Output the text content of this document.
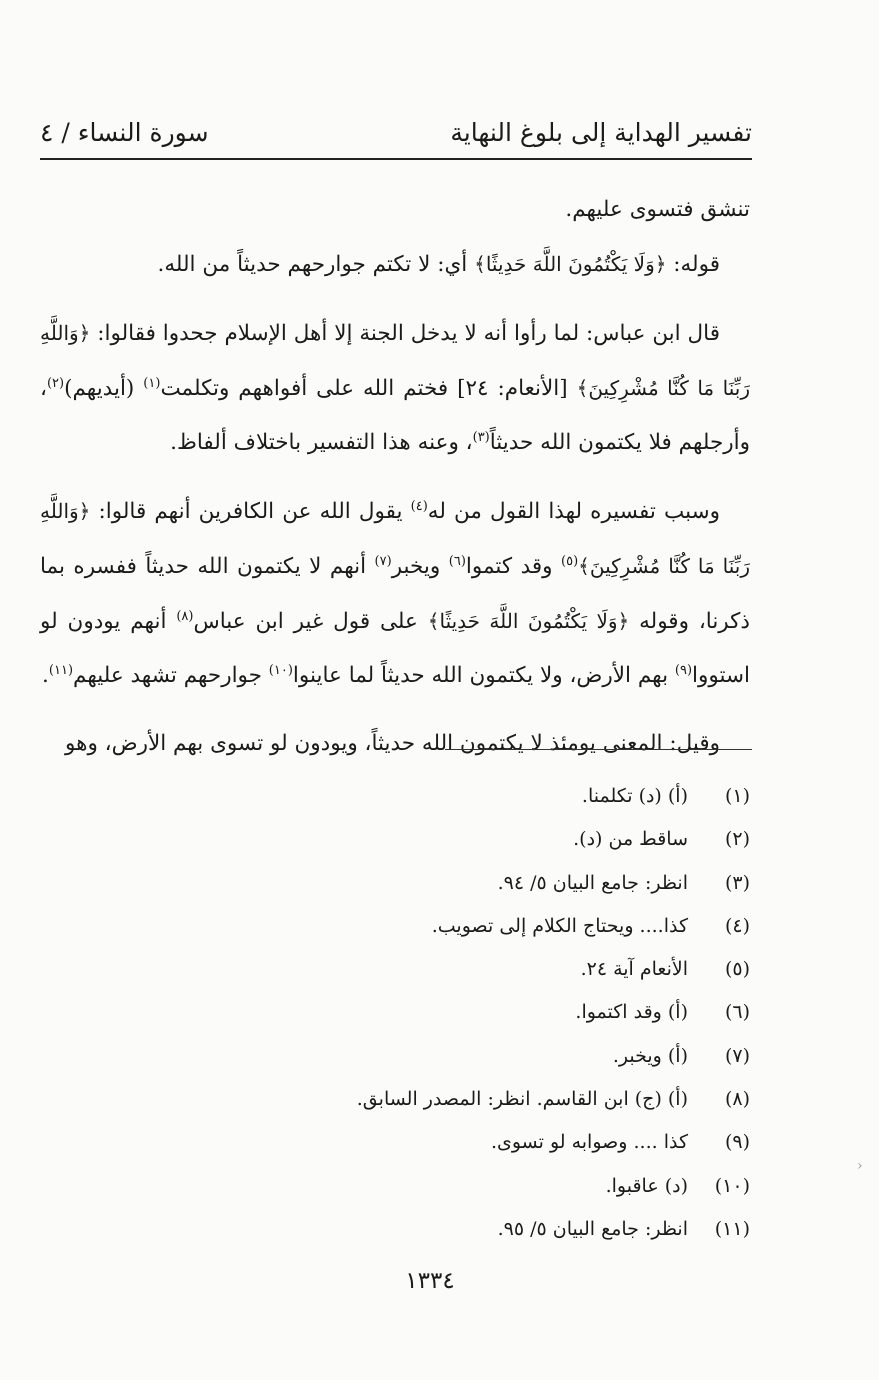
تفسير الهداية إلى بلوغ النهاية
سورة النساء / ٤

تنشق فتسوى عليهم.

قوله: ﴿وَلَا يَكْتُمُونَ اللَّهَ حَدِيثًا﴾ أي: لا تكتم جوارحهم حديثاً من الله.

قال ابن عباس: لما رأوا أنه لا يدخل الجنة إلا أهل الإسلام جحدوا فقالوا: ﴿وَاللَّهِ رَبِّنَا مَا كُنَّا مُشْرِكِينَ﴾ [الأنعام: ٢٤] فختم الله على أفواههم وتكلمت$^{(١)}$ (أيديهم)$^{(٢)}$، وأرجلهم فلا يكتمون الله حديثاً$^{(٣)}$، وعنه هذا التفسير باختلاف ألفاظ.

وسبب تفسيره لهذا القول من له$^{(٤)}$ يقول الله عن الكافرين أنهم قالوا: ﴿وَاللَّهِ رَبِّنَا مَا كُنَّا مُشْرِكِينَ﴾$^{(٥)}$ وقد كتموا$^{(٦)}$ ويخبر$^{(٧)}$ أنهم لا يكتمون الله حديثاً ففسره بما ذكرنا، وقوله ﴿وَلَا يَكْتُمُونَ اللَّهَ حَدِيثًا﴾ على قول غير ابن عباس$^{(٨)}$ أنهم يودون لو استووا$^{(٩)}$ بهم الأرض، ولا يكتمون الله حديثاً لما عاينوا$^{(١٠)}$ جوارحهم تشهد عليهم$^{(١١)}$.

وقيل: المعنى يومئذ لا يكتمون الله حديثاً، ويودون لو تسوى بهم الأرض، وهو

(١)(أ) (د) تكلمنا.
(٢)ساقط من (د).
(٣)انظر: جامع البيان ٥/ ٩٤.
(٤)كذا.... ويحتاج الكلام إلى تصويب.
(٥)الأنعام آية ٢٤.
(٦)(أ) وقد اكتموا.
(٧)(أ) ويخبر.
(٨)(أ) (ج) ابن القاسم. انظر: المصدر السابق.
(٩)كذا .... وصوابه لو تسوى.
(١٠)(د) عاقبوا.
(١١)انظر: جامع البيان ٥/ ٩٥.
١٣٣٤
›
